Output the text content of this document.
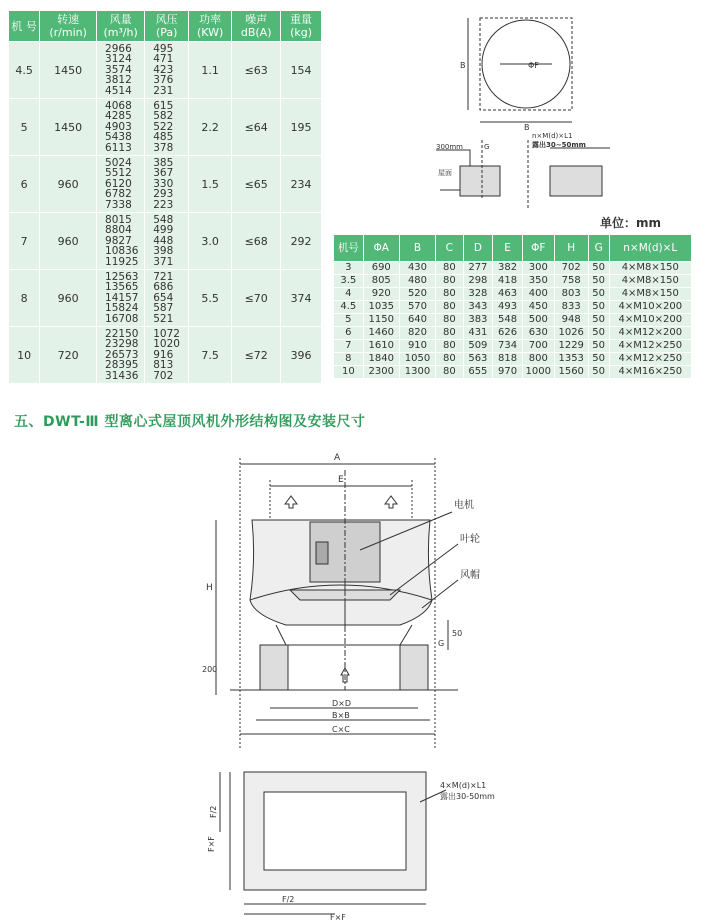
机 号	转速
(r/min)	风量
(m³/h)	风压
(Pa)	功率
(KW)	噪声
dB(A)	重量
(kg)
4.5	1450	2966
3124
3574
3812
4514	495
471
423
376
231	1.1	≤63	154
5	1450	4068
4285
4903
5438
6113	615
582
522
485
378	2.2	≤64	195
6	960	5024
5512
6120
6782
7338	385
367
330
293
223	1.5	≤65	234
7	960	8015
8804
9827
10836
11925	548
499
448
398
371	3.0	≤68	292
8	960	12563
13565
14157
15824
16708	721
686
654
587
521	5.5	≤70	374
10	720	22150
23298
26573
28395
31436	1072
1020
916
813
702	7.5	≤72	396
ΦF
B
B
n×M(d)×L1
露出30~50mm
300mm	G
屋面
单位：mm
机号	ΦA	B	C	D	E	ΦF	H	G	n×M(d)×L
3	690	430	80	277	382	300	702	50	4×M8×150
3.5	805	480	80	298	418	350	758	50	4×M8×150
4	920	520	80	328	463	400	803	50	4×M8×150
4.5	1035	570	80	343	493	450	833	50	4×M10×200
5	1150	640	80	383	548	500	948	50	4×M10×200
6	1460	820	80	431	626	630	1026	50	4×M12×200
7	1610	910	80	509	734	700	1229	50	4×M12×250
8	1840	1050	80	563	818	800	1353	50	4×M12×250
10	2300	1300	80	655	970	1000	1560	50	4×M16×250
五、DWT-Ⅲ 型离心式屋顶风机外形结构图及安装尺寸
A
E
H
电机
叶轮
风帽
50
G
200
D×D
B×B
C×C
F/2
F×F
4×M(d)×L1
露出30-50mm
F/2
F×F
